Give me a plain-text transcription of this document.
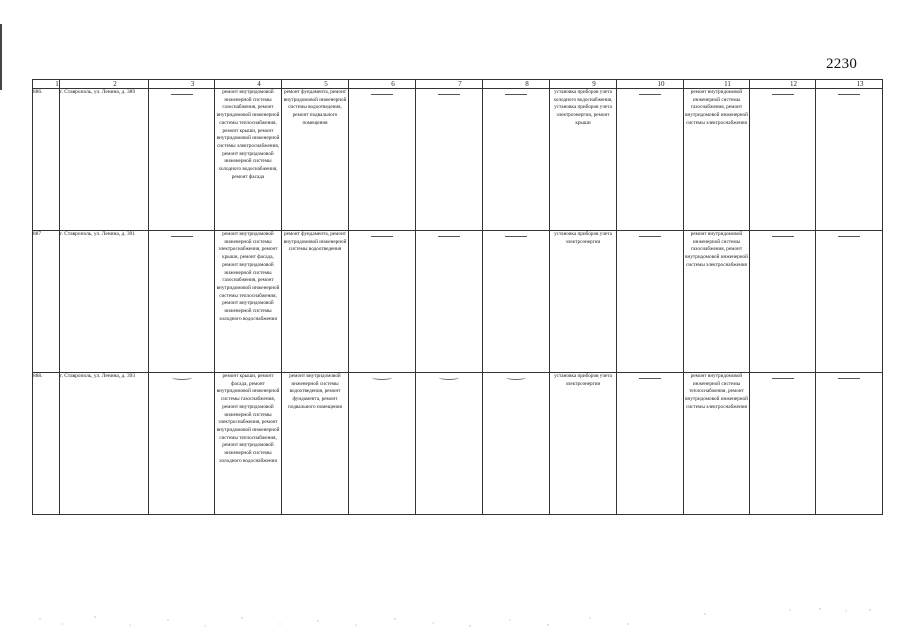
2230
1	2	3	4	5	6	7	8	9	10	11	12	13
886.	г. Ставрополь, ул. Ленина, д. 389		ремонт внутридомовой инженерной системы газоснабжения, ремонт внутридомовой инженерной системы теплоснабжения, ремонт крыши, ремонт внутридомовой инженерной системы электроснабжения, ремонт внутридомовой инженерной системы холодного водоснабжения, ремонт фасада	ремонт фундамента, ремонт внутридомовой инженерной системы водоотведения, ремонт подвального помещения				установка приборов учета холодного водоснабжения, установка приборов учета электроэнергии, ремонт крыши		ремонт внутридомовой инженерной системы газоснабжения, ремонт внутридомовой инженерной системы электроснабжения		
887	г. Ставрополь, ул. Ленина, д. 391		ремонт внутридомовой инженерной системы электроснабжения, ремонт крыши, ремонт фасада, ремонт внутридомовой инженерной системы газоснабжения, ремонт внутридомовой инженерной системы теплоснабжения, ремонт внутридомовой инженерной системы холодного водоснабжения	ремонт фундамента, ремонт внутридомовой инженерной системы водоотведения				установка приборов учета электроэнергии		ремонт внутридомовой инженерной системы газоснабжения, ремонт внутридомовой инженерной системы электроснабжения		
888.	г. Ставрополь, ул. Ленина, д. 393		ремонт крыши, ремонт фасада, ремонт внутридомовой инженерной системы газоснабжения, ремонт внутридомовой инженерной системы электроснабжения, ремонт внутридомовой инженерной системы теплоснабжения, ремонт внутридомовой инженерной системы холодного водоснабжения	ремонт внутридомовой инженерной системы водоотведения, ремонт фундамента, ремонт подвального помещения				установка приборов учета электроэнергии		ремонт внутридомовой инженерной системы теплоснабжения, ремонт внутридомовой инженерной системы электроснабжения		
